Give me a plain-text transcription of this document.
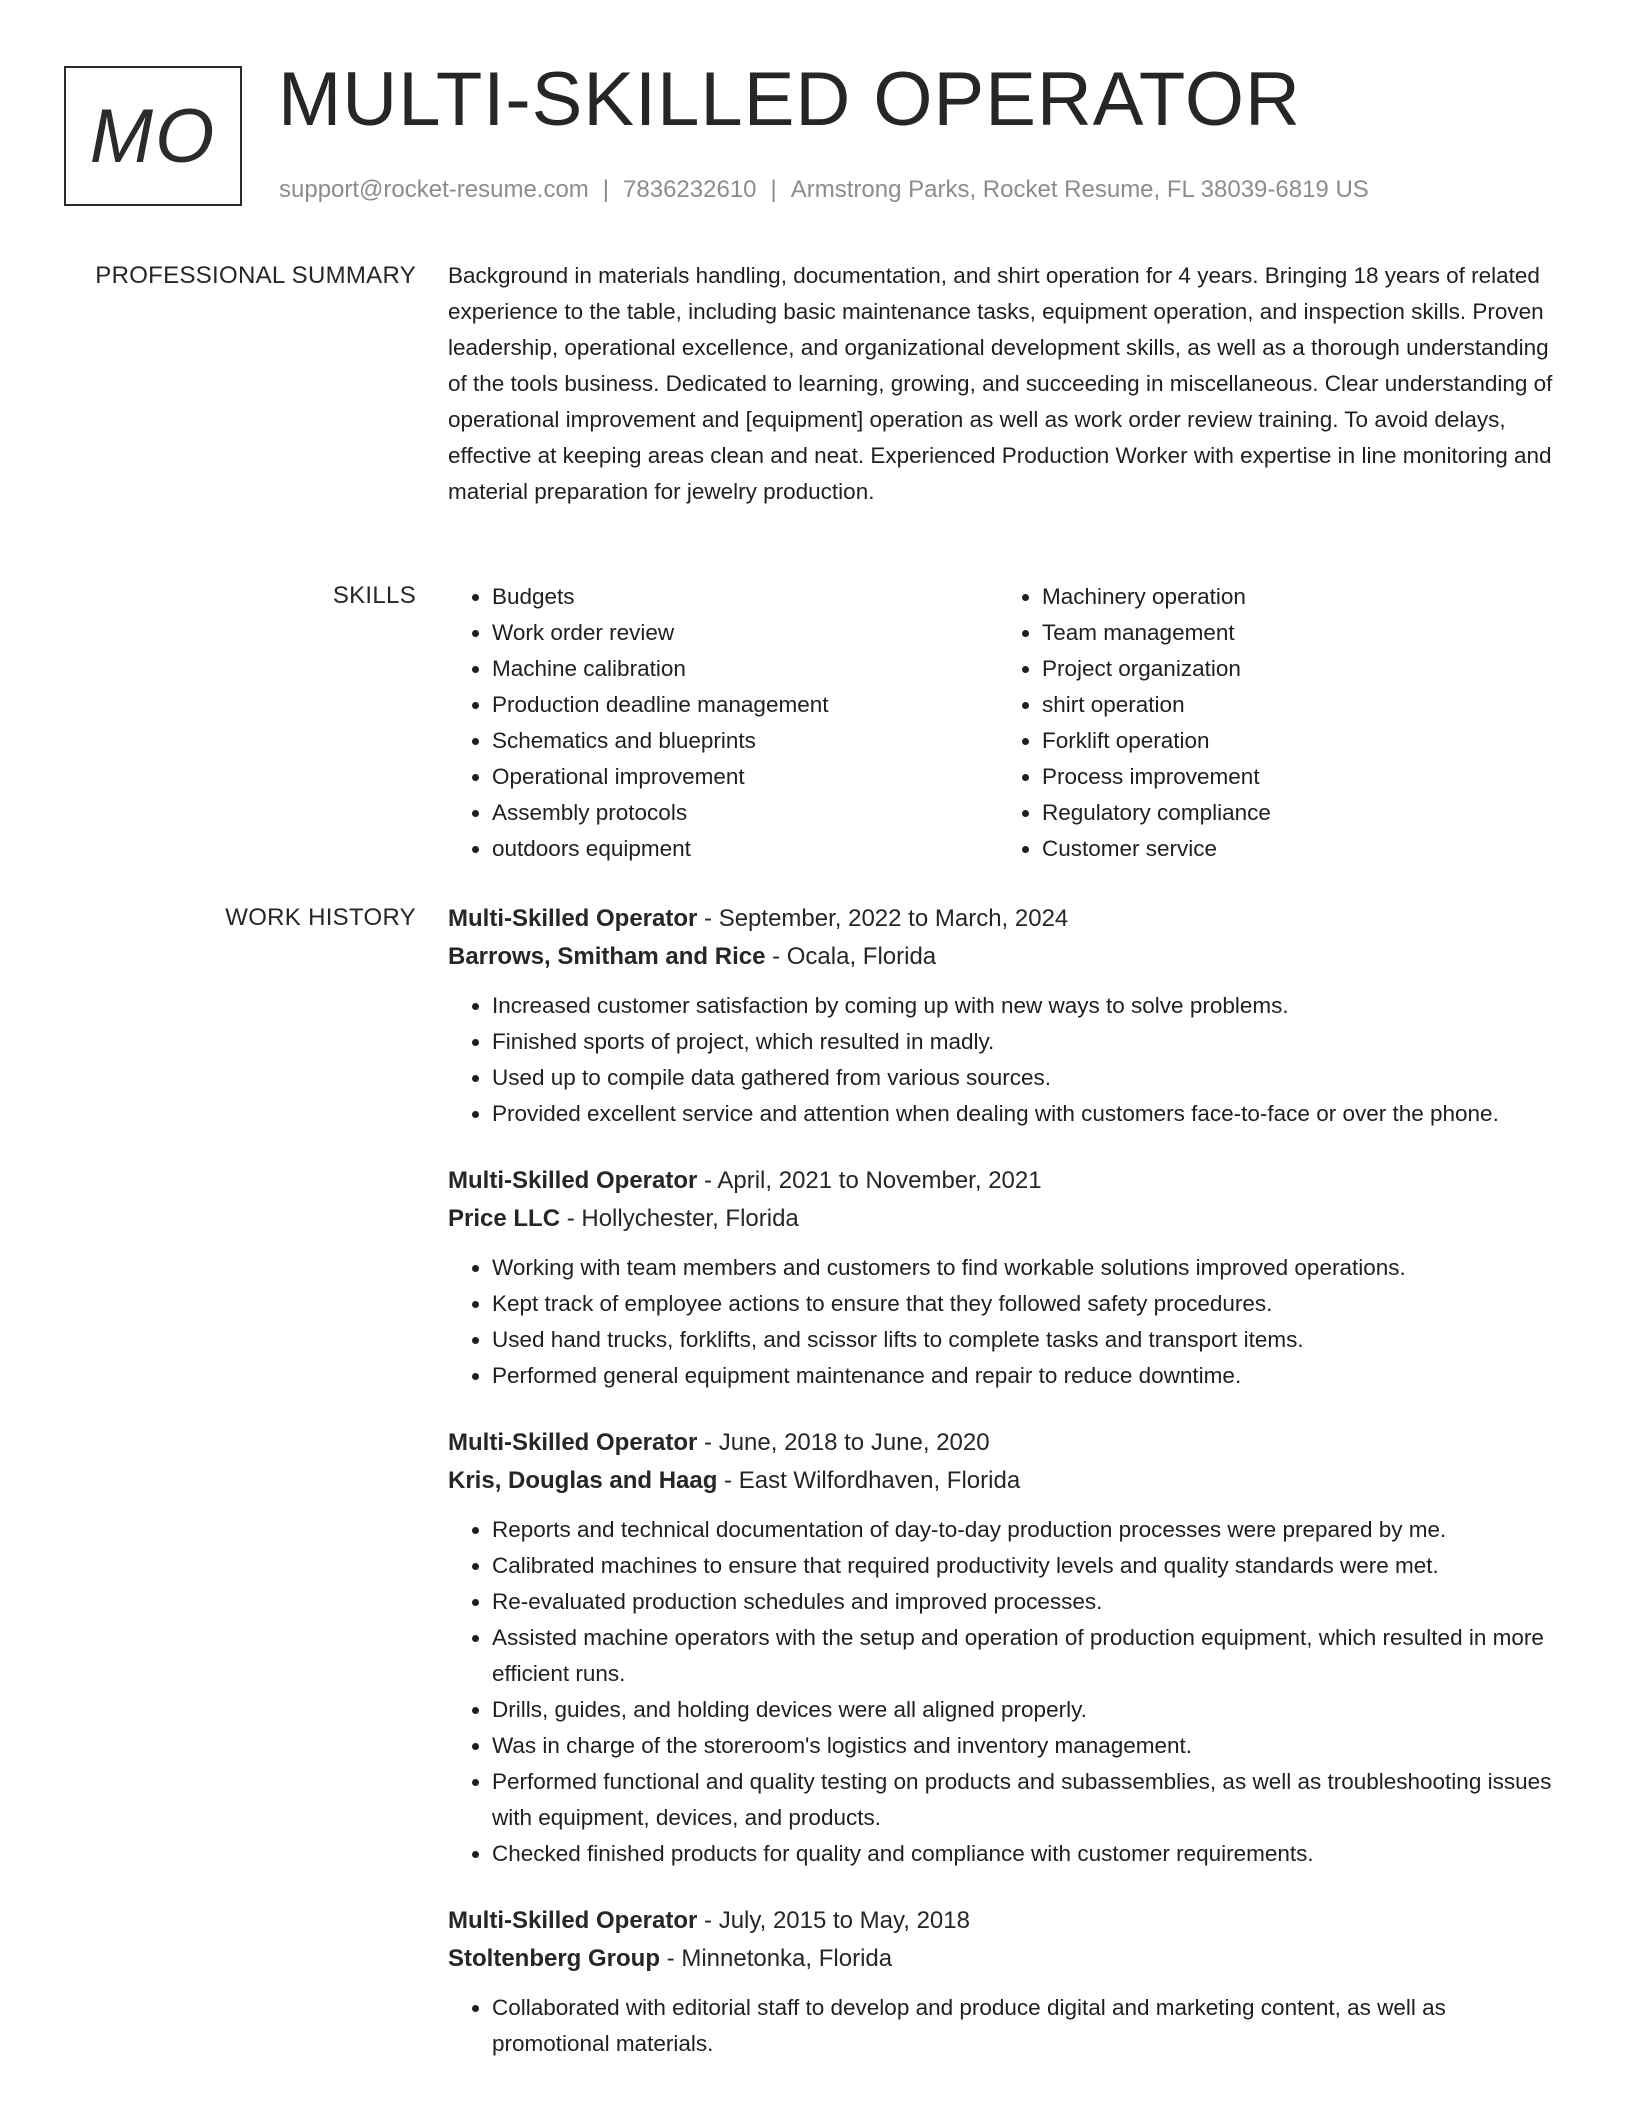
MO MULTI-SKILLED OPERATOR
support@rocket-resume.com | 7836232610 | Armstrong Parks, Rocket Resume, FL 38039-6819 US
PROFESSIONAL SUMMARY Background in materials handling, documentation, and shirt operation for 4 years. Bringing 18 years of related experience to the table, including basic maintenance tasks, equipment operation, and inspection skills. Proven leadership, operational excellence, and organizational development skills, as well as a thorough understanding of the tools business. Dedicated to learning, growing, and succeeding in miscellaneous. Clear understanding of operational improvement and [equipment] operation as well as work order review training. To avoid delays, effective at keeping areas clean and neat. Experienced Production Worker with expertise in line monitoring and material preparation for jewelry production.

SKILLS
•	Budgets
• Work order review
• Machine calibration
• Production deadline management
• Schematics and blueprints
• Operational improvement
• Assembly protocols
• outdoors equipment
• Machinery operation
• Team management
• Project organization
• shirt operation
• Forklift operation
• Process improvement
• Regulatory compliance
• Customer service
WORK HISTORY Multi-Skilled Operator - September, 2022 to March, 2024
Barrows, Smitham and Rice - Ocala, Florida
• Increased customer satisfaction by coming up with new ways to solve problems.
• Finished sports of project, which resulted in madly.
• Used up to compile data gathered from various sources.
• Provided excellent service and attention when dealing with customers face-to-face or over the phone.
Multi-Skilled Operator - April, 2021 to November, 2021
Price LLC - Hollychester, Florida
• Working with team members and customers to find workable solutions improved operations.
• Kept track of employee actions to ensure that they followed safety procedures.
• Used hand trucks, forklifts, and scissor lifts to complete tasks and transport items.
• Performed general equipment maintenance and repair to reduce downtime.
Multi-Skilled Operator - June, 2018 to June, 2020
Kris, Douglas and Haag - East Wilfordhaven, Florida
• Reports and technical documentation of day-to-day production processes were prepared by me.
• Calibrated machines to ensure that required productivity levels and quality standards were met.
• Re-evaluated production schedules and improved processes.
• Assisted machine operators with the setup and operation of production equipment, which resulted in more efficient runs.
• Drills, guides, and holding devices were all aligned properly.
• Was in charge of the storeroom's logistics and inventory management.
• Performed functional and quality testing on products and subassemblies, as well as troubleshooting issues with equipment, devices, and products.
• Checked finished products for quality and compliance with customer requirements.
Multi-Skilled Operator - July, 2015 to May, 2018
Stoltenberg Group - Minnetonka, Florida
• Collaborated with editorial staff to develop and produce digital and marketing content, as well as promotional materials.
